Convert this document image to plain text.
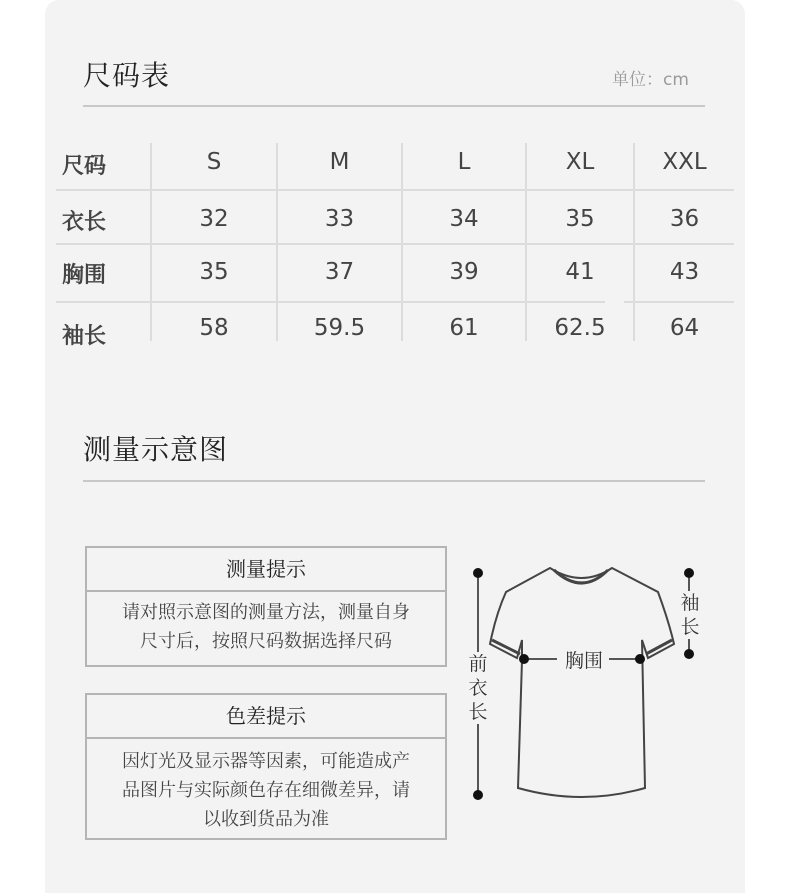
尺码表	单位：cm
尺码	S	M	L	XL	XXL
衣长	32	33	34	35	36
胸围	35	37	39	41	43
袖长	58	59.5	61	62.5	64
测量示意图
测量提示
请对照示意图的测量方法，测量自身
尺寸后，按照尺码数据选择尺码
色差提示
因灯光及显示器等因素，可能造成产
品图片与实际颜色存在细微差异，请
以收到货品为准
前衣长
胸围
袖长
